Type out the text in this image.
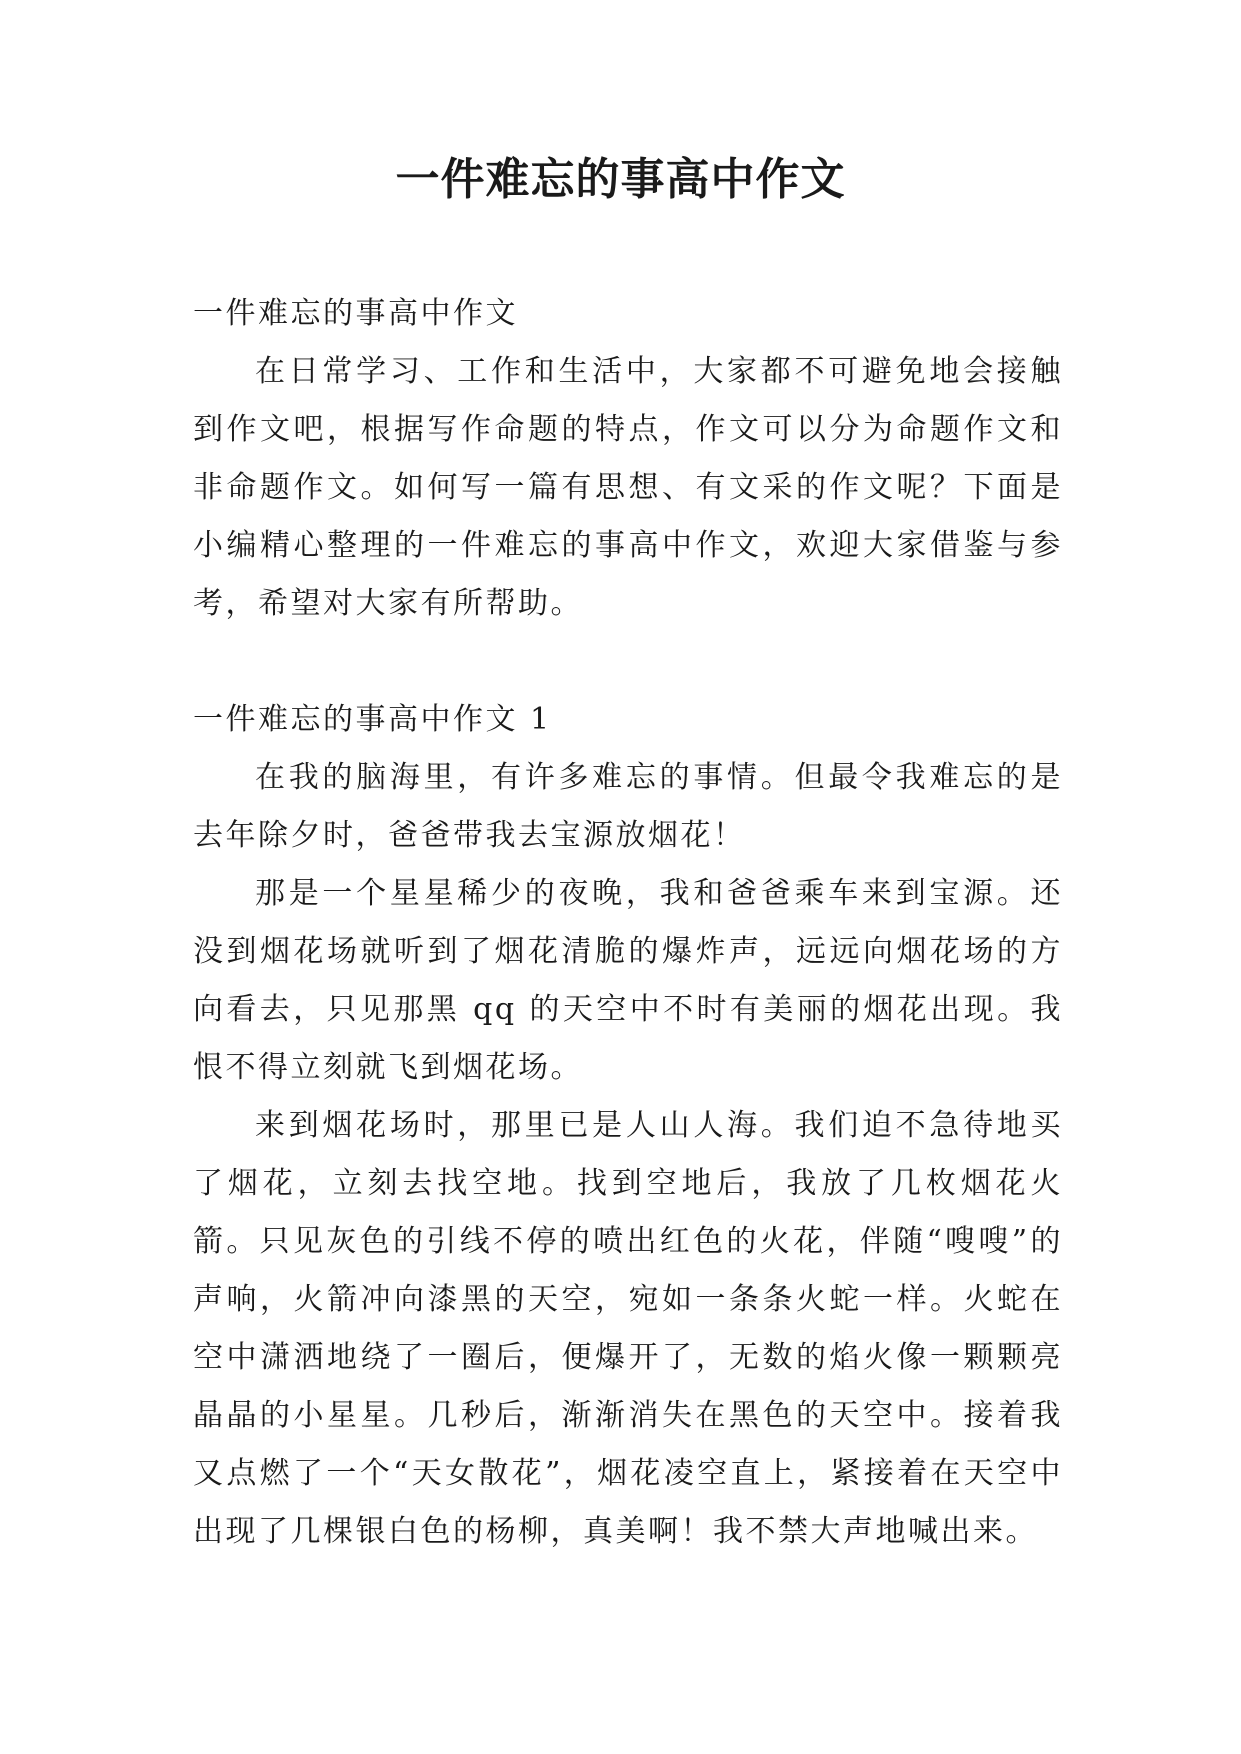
一件难忘的事高中作文

一件难忘的事高中作文

在日常学习、工作和生活中，大家都不可避免地会接触到作文吧，根据写作命题的特点，作文可以分为命题作文和非命题作文。如何写一篇有思想、有文采的作文呢？下面是小编精心整理的一件难忘的事高中作文，欢迎大家借鉴与参考，希望对大家有所帮助。

一件难忘的事高中作文 1

在我的脑海里，有许多难忘的事情。但最令我难忘的是去年除夕时，爸爸带我去宝源放烟花！

那是一个星星稀少的夜晚，我和爸爸乘车来到宝源。还没到烟花场就听到了烟花清脆的爆炸声，远远向烟花场的方向看去，只见那黑 qq 的天空中不时有美丽的烟花出现。我恨不得立刻就飞到烟花场。

来到烟花场时，那里已是人山人海。我们迫不急待地买了烟花，立刻去找空地。找到空地后，我放了几枚烟花火箭。只见灰色的引线不停的喷出红色的火花，伴随“嗖嗖”的声响，火箭冲向漆黑的天空，宛如一条条火蛇一样。火蛇在空中潇洒地绕了一圈后，便爆开了，无数的焰火像一颗颗亮晶晶的小星星。几秒后，渐渐消失在黑色的天空中。接着我又点燃了一个“天女散花”，烟花凌空直上，紧接着在天空中出现了几棵银白色的杨柳，真美啊！我不禁大声地喊出来。
